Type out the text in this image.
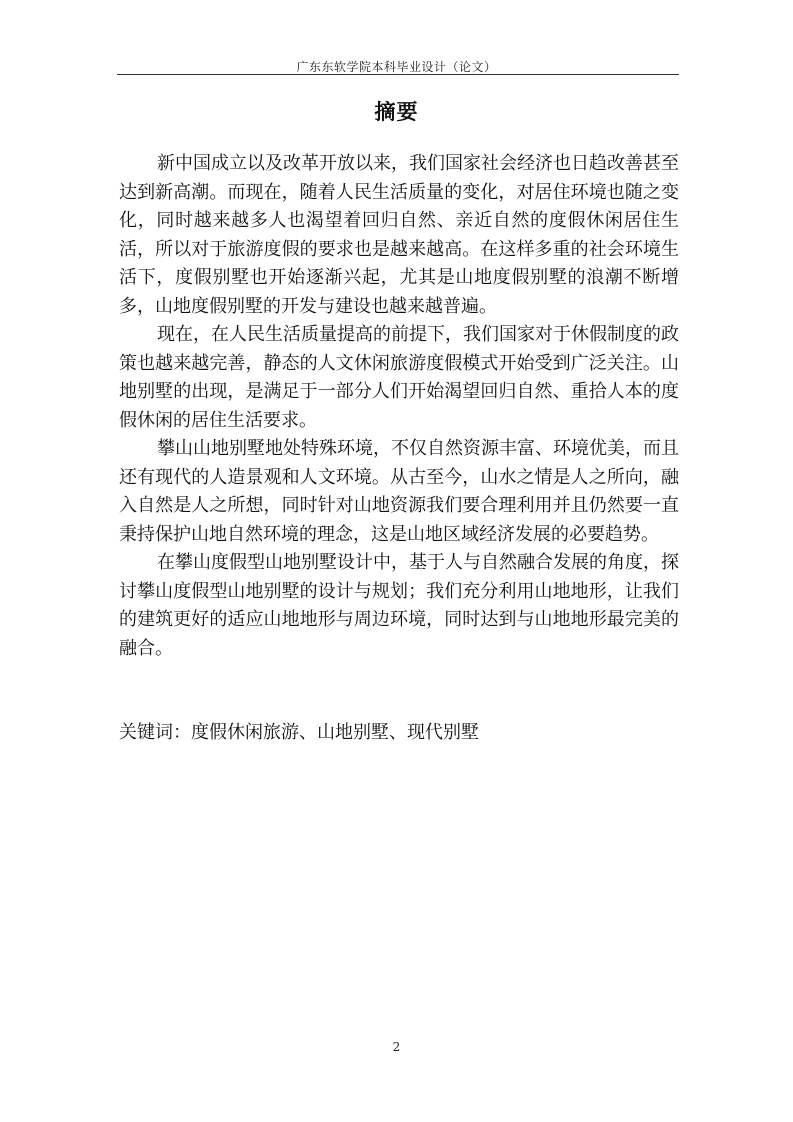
广东东软学院本科毕业设计（论文）
摘要

新中国成立以及改革开放以来，我们国家社会经济也日趋改善甚至达到新高潮。而现在，随着人民生活质量的变化，对居住环境也随之变化，同时越来越多人也渴望着回归自然、亲近自然的度假休闲居住生活，所以对于旅游度假的要求也是越来越高。在这样多重的社会环境生活下，度假别墅也开始逐渐兴起，尤其是山地度假别墅的浪潮不断增多，山地度假别墅的开发与建设也越来越普遍。

现在，在人民生活质量提高的前提下，我们国家对于休假制度的政策也越来越完善，静态的人文休闲旅游度假模式开始受到广泛关注。山地别墅的出现，是满足于一部分人们开始渴望回归自然、重拾人本的度假休闲的居住生活要求。

攀山山地别墅地处特殊环境，不仅自然资源丰富、环境优美，而且还有现代的人造景观和人文环境。从古至今，山水之情是人之所向，融入自然是人之所想，同时针对山地资源我们要合理利用并且仍然要一直秉持保护山地自然环境的理念，这是山地区域经济发展的必要趋势。

在攀山度假型山地别墅设计中，基于人与自然融合发展的角度，探讨攀山度假型山地别墅的设计与规划；我们充分利用山地地形，让我们的建筑更好的适应山地地形与周边环境，同时达到与山地地形最完美的融合。

关键词：度假休闲旅游、山地别墅、现代别墅
2
